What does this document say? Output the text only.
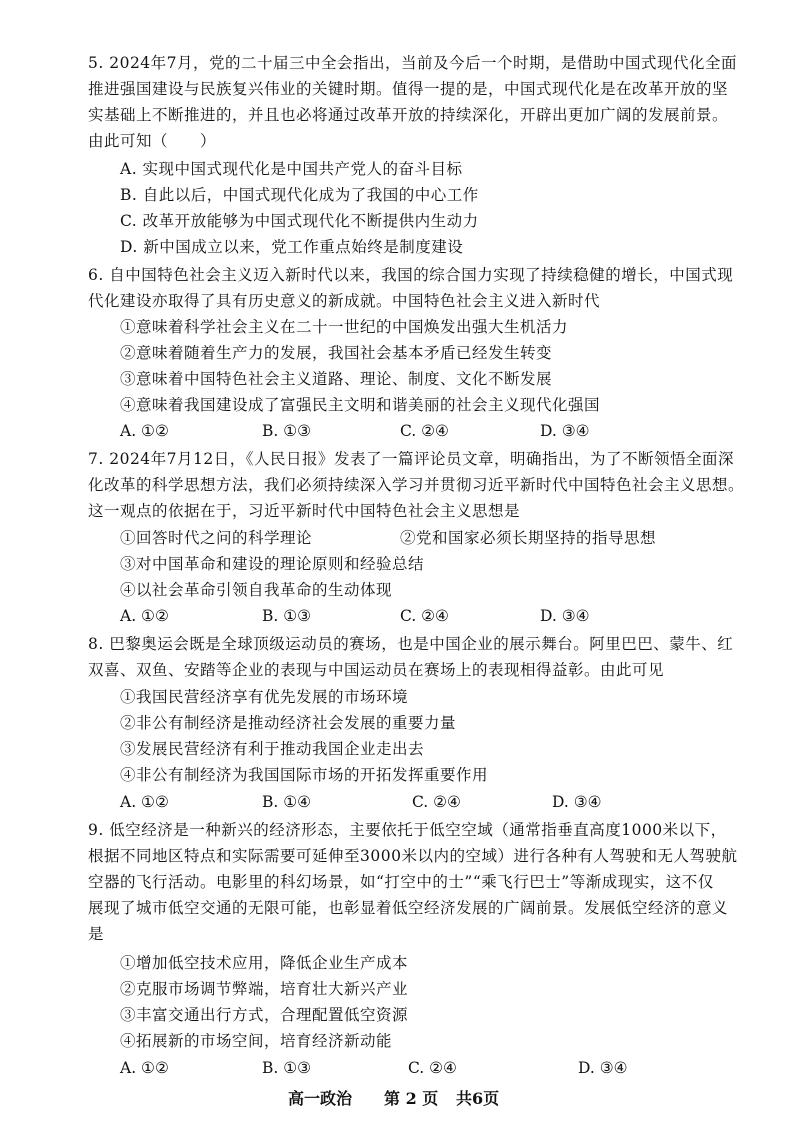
5. 2024年7月，党的二十届三中全会指出，当前及今后一个时期，是借助中国式现代化全面
推进强国建设与民族复兴伟业的关键时期。值得一提的是，中国式现代化是在改革开放的坚
实基础上不断推进的，并且也必将通过改革开放的持续深化，开辟出更加广阔的发展前景。
由此可知（　　）
A. 实现中国式现代化是中国共产党人的奋斗目标
B. 自此以后，中国式现代化成为了我国的中心工作
C. 改革开放能够为中国式现代化不断提供内生动力
D. 新中国成立以来，党工作重点始终是制度建设
6. 自中国特色社会主义迈入新时代以来，我国的综合国力实现了持续稳健的增长，中国式现
代化建设亦取得了具有历史意义的新成就。中国特色社会主义进入新时代
①意味着科学社会主义在二十一世纪的中国焕发出强大生机活力
②意味着随着生产力的发展，我国社会基本矛盾已经发生转变
③意味着中国特色社会主义道路、理论、制度、文化不断发展
④意味着我国建设成了富强民主文明和谐美丽的社会主义现代化强国
A. ①②	B. ①③	C. ②④	D. ③④
7. 2024年7月12日，《人民日报》发表了一篇评论员文章，明确指出，为了不断领悟全面深
化改革的科学思想方法，我们必须持续深入学习并贯彻习近平新时代中国特色社会主义思想。
这一观点的依据在于，习近平新时代中国特色社会主义思想是
①回答时代之问的科学理论	②党和国家必须长期坚持的指导思想
③对中国革命和建设的理论原则和经验总结
④以社会革命引领自我革命的生动体现
A. ①②	B. ①③	C. ②④	D. ③④
8. 巴黎奥运会既是全球顶级运动员的赛场，也是中国企业的展示舞台。阿里巴巴、蒙牛、红
双喜、双鱼、安踏等企业的表现与中国运动员在赛场上的表现相得益彰。由此可见
①我国民营经济享有优先发展的市场环境
②非公有制经济是推动经济社会发展的重要力量
③发展民营经济有利于推动我国企业走出去
④非公有制经济为我国国际市场的开拓发挥重要作用
A. ①②	B. ①④	C. ②④	D. ③④
9. 低空经济是一种新兴的经济形态，主要依托于低空空域（通常指垂直高度1000米以下，
根据不同地区特点和实际需要可延伸至3000米以内的空域）进行各种有人驾驶和无人驾驶航
空器的飞行活动。电影里的科幻场景，如“打空中的士”“乘飞行巴士”等渐成现实，这不仅
展现了城市低空交通的无限可能，也彰显着低空经济发展的广阔前景。发展低空经济的意义
是
①增加低空技术应用，降低企业生产成本
②克服市场调节弊端，培育壮大新兴产业
③丰富交通出行方式，合理配置低空资源
④拓展新的市场空间，培育经济新动能
A. ①②	B. ①③	C. ②④	D. ③④
高一政治 第 2 页 共6页
